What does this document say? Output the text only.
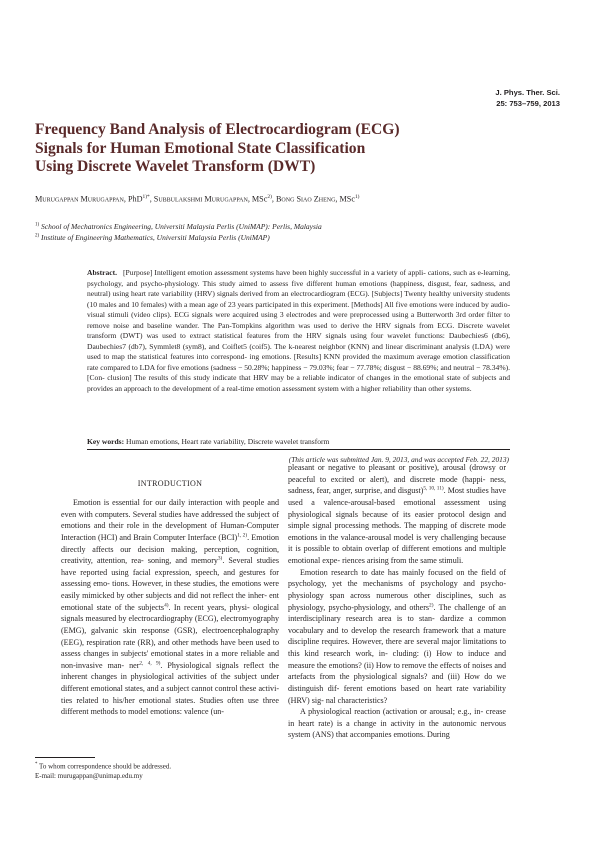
J. Phys. Ther. Sci.
25: 753–759, 2013
Frequency Band Analysis of Electrocardiogram (ECG)
Signals for Human Emotional State Classification
Using Discrete Wavelet Transform (DWT)
Murugappan Murugappan, PhD$^{1)*}$, Subbulakshmi Murugappan, MSc$^{2)}$, Bong Siao Zheng, MSc$^{1)}$
$^{1)}$ School of Mechatronics Engineering, Universiti Malaysia Perlis (UniMAP): Perlis, Malaysia
$^{2)}$ Institute of Engineering Mathematics, Universiti Malaysia Perlis (UniMAP)
Abstract. [Purpose] Intelligent emotion assessment systems have been highly successful in a variety of appli- cations, such as e-learning, psychology, and psycho-physiology. This study aimed to assess five different human emotions (happiness, disgust, fear, sadness, and neutral) using heart rate variability (HRV) signals derived from an electrocardiogram (ECG). [Subjects] Twenty healthy university students (10 males and 10 females) with a mean age of 23 years participated in this experiment. [Methods] All five emotions were induced by audio-visual stimuli (video clips). ECG signals were acquired using 3 electrodes and were preprocessed using a Butterworth 3rd order filter to remove noise and baseline wander. The Pan-Tompkins algorithm was used to derive the HRV signals from ECG. Discrete wavelet transform (DWT) was used to extract statistical features from the HRV signals using four wavelet functions: Daubechies6 (db6), Daubechies7 (db7), Symmlet8 (sym8), and Coiflet5 (coif5). The k-nearest neighbor (KNN) and linear discriminant analysis (LDA) were used to map the statistical features into correspond- ing emotions. [Results] KNN provided the maximum average emotion classification rate compared to LDA for five emotions (sadness − 50.28%; happiness − 79.03%; fear − 77.78%; disgust − 88.69%; and neutral − 78.34%). [Con- clusion] The results of this study indicate that HRV may be a reliable indicator of changes in the emotional state of subjects and provides an approach to the development of a real-time emotion assessment system with a higher reliability than other systems.
Key words: Human emotions, Heart rate variability, Discrete wavelet transform
(This article was submitted Jan. 9, 2013, and was accepted Feb. 22, 2013)
INTRODUCTION

Emotion is essential for our daily interaction with people and even with computers. Several studies have addressed the subject of emotions and their role in the development of Human-Computer Interaction (HCI) and Brain Computer Interface (BCI)$^{1, 2)}$. Emotion directly affects our decision making, perception, cognition, creativity, attention, rea- soning, and memory$^{3)}$. Several studies have reported using facial expression, speech, and gestures for assessing emo- tions. However, in these studies, the emotions were easily mimicked by other subjects and did not reflect the inher- ent emotional state of the subjects$^{4)}$. In recent years, physi- ological signals measured by electrocardiography (ECG), electromyography (EMG), galvanic skin response (GSR), electroencephalography (EEG), respiration rate (RR), and other methods have been used to assess changes in subjects' emotional states in a more reliable and non-invasive man- ner$^{2, 4, 9)}$. Physiological signals reflect the inherent changes in physiological activities of the subject under different emotional states, and a subject cannot control these activi- ties related to his/her emotional states. Studies often use three different methods to model emotions: valence (un-

pleasant or negative to pleasant or positive), arousal (drowsy or peaceful to excited or alert), and discrete mode (happi- ness, sadness, fear, anger, surprise, and disgust)$^{5, 10, 11)}$. Most studies have used a valence-arousal-based emotional assessment using physiological signals because of its easier protocol design and simple signal processing methods. The mapping of discrete mode emotions in the valance-arousal model is very challenging because it is possible to obtain overlap of different emotions and multiple emotional expe- riences arising from the same stimuli.

Emotion research to date has mainly focused on the field of psychology, yet the mechanisms of psychology and psycho-physiology span across numerous other disciplines, such as physiology, psycho-physiology, and others$^{2)}$. The challenge of an interdisciplinary research area is to stan- dardize a common vocabulary and to develop the research framework that a mature discipline requires. However, there are several major limitations to this kind research work, in- cluding: (i) How to induce and measure the emotions? (ii) How to remove the effects of noises and artefacts from the physiological signals? and (iii) How do we distinguish dif- ferent emotions based on heart rate variability (HRV) sig- nal characteristics?

A physiological reaction (activation or arousal; e.g., in- crease in heart rate) is a change in activity in the autonomic nervous system (ANS) that accompanies emotions. During

* To whom correspondence should be addressed.
E-mail: murugappan@unimap.edu.my
